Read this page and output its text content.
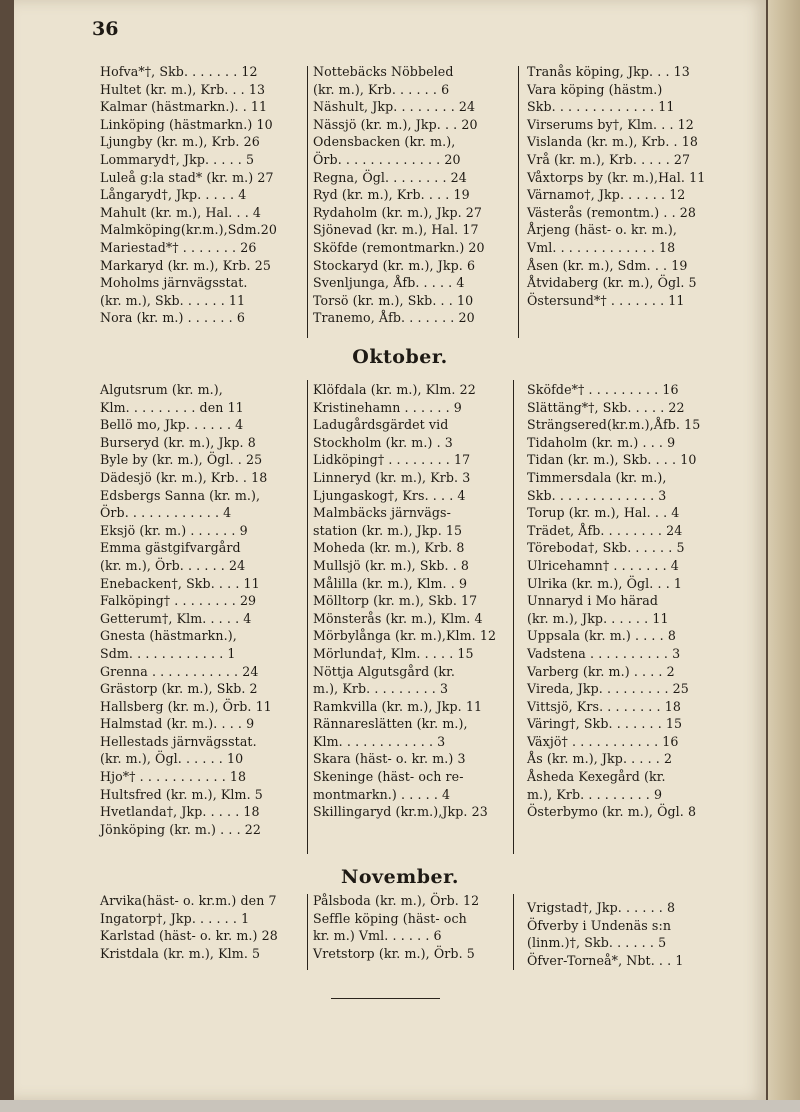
36
Hofva*†, Skb. . . . . . . 12
Hultet (kr. m.), Krb. . . 13
Kalmar (hästmarkn.). . 11
Linköping (hästmarkn.) 10
Ljungby (kr. m.), Krb. 26
Lommaryd†, Jkp. . . . . 5
Luleå g:la stad* (kr. m.) 27
Långaryd†, Jkp. . . . . 4
Mahult (kr. m.), Hal. . . 4
Malmköping(kr.m.),Sdm.20
Mariestad*† . . . . . . . 26
Markaryd (kr. m.), Krb. 25
Moholms järnvägsstat.
(kr. m.), Skb. . . . . . 11
Nora (kr. m.) . . . . . . 6
Nottebäcks Nöbbeled
(kr. m.), Krb. . . . . . 6
Näshult, Jkp. . . . . . . . 24
Nässjö (kr. m.), Jkp. . . 20
Odensbacken (kr. m.),
Örb. . . . . . . . . . . . . 20
Regna, Ögl. . . . . . . . 24
Ryd (kr. m.), Krb. . . . 19
Rydaholm (kr. m.), Jkp. 27
Sjönevad (kr. m.), Hal. 17
Sköfde (remontmarkn.) 20
Stockaryd (kr. m.), Jkp. 6
Svenljunga, Åfb. . . . . 4
Torsö (kr. m.), Skb. . . 10
Tranemo, Åfb. . . . . . . 20
Tranås köping, Jkp. . . 13
Vara köping (hästm.)
Skb. . . . . . . . . . . . . 11
Virserums by†, Klm. . . 12
Vislanda (kr. m.), Krb. . 18
Vrå (kr. m.), Krb. . . . . 27
Våxtorps by (kr. m.),Hal. 11
Värnamo†, Jkp. . . . . . 12
Västerås (remontm.) . . 28
Årjeng (häst- o. kr. m.),
Vml. . . . . . . . . . . . . 18
Åsen (kr. m.), Sdm. . . 19
Åtvidaberg (kr. m.), Ögl. 5
Östersund*† . . . . . . . 11
Oktober.
Algutsrum (kr. m.),
Klm. . . . . . . . . den 11
Bellö mo, Jkp. . . . . . 4
Burseryd (kr. m.), Jkp. 8
Byle by (kr. m.), Ögl. . 25
Dädesjö (kr. m.), Krb. . 18
Edsbergs Sanna (kr. m.),
Örb. . . . . . . . . . . . 4
Eksjö (kr. m.) . . . . . . 9
Emma gästgifvargård
(kr. m.), Örb. . . . . . 24
Enebacken†, Skb. . . . 11
Falköping† . . . . . . . . 29
Getterum†, Klm. . . . . 4
Gnesta (hästmarkn.),
Sdm. . . . . . . . . . . . 1
Grenna . . . . . . . . . . . 24
Grästorp (kr. m.), Skb. 2
Hallsberg (kr. m.), Örb. 11
Halmstad (kr. m.). . . . 9
Hellestads järnvägsstat.
(kr. m.), Ögl. . . . . . 10
Hjo*† . . . . . . . . . . . 18
Hultsfred (kr. m.), Klm. 5
Hvetlanda†, Jkp. . . . . 18
Jönköping (kr. m.) . . . 22
Klöfdala (kr. m.), Klm. 22
Kristinehamn . . . . . . 9
Ladugårdsgärdet vid
Stockholm (kr. m.) . 3
Lidköping† . . . . . . . . 17
Linneryd (kr. m.), Krb. 3
Ljungaskog†, Krs. . . . 4
Malmbäcks järnvägs-
station (kr. m.), Jkp. 15
Moheda (kr. m.), Krb. 8
Mullsjö (kr. m.), Skb. . 8
Målilla (kr. m.), Klm. . 9
Mölltorp (kr. m.), Skb. 17
Mönsterås (kr. m.), Klm. 4
Mörbylånga (kr. m.),Klm. 12
Mörlunda†, Klm. . . . . 15
Nöttja Algutsgård (kr.
m.), Krb. . . . . . . . . 3
Ramkvilla (kr. m.), Jkp. 11
Rännareslätten (kr. m.),
Klm. . . . . . . . . . . . 3
Skara (häst- o. kr. m.) 3
Skeninge (häst- och re-
montmarkn.) . . . . . 4
Skillingaryd (kr.m.),Jkp. 23
Sköfde*† . . . . . . . . . 16
Slättäng*†, Skb. . . . . 22
Strängsered(kr.m.),Åfb. 15
Tidaholm (kr. m.) . . . 9
Tidan (kr. m.), Skb. . . . 10
Timmersdala (kr. m.),
Skb. . . . . . . . . . . . . 3
Torup (kr. m.), Hal. . . 4
Trädet, Åfb. . . . . . . . 24
Töreboda†, Skb. . . . . . 5
Ulricehamn† . . . . . . . 4
Ulrika (kr. m.), Ögl. . . 1
Unnaryd i Mo härad
(kr. m.), Jkp. . . . . . 11
Uppsala (kr. m.) . . . . 8
Vadstena . . . . . . . . . . 3
Varberg (kr. m.) . . . . 2
Vireda, Jkp. . . . . . . . . 25
Vittsjö, Krs. . . . . . . . 18
Väring†, Skb. . . . . . . 15
Växjö† . . . . . . . . . . . 16
Ås (kr. m.), Jkp. . . . . 2
Åsheda Kexegård (kr.
m.), Krb. . . . . . . . . 9
Österbymo (kr. m.), Ögl. 8
November.
Arvika(häst- o. kr.m.) den 7
Ingatorp†, Jkp. . . . . . 1
Karlstad (häst- o. kr. m.) 28
Kristdala (kr. m.), Klm. 5
Pålsboda (kr. m.), Örb. 12
Seffle köping (häst- och
kr. m.) Vml. . . . . . 6
Vretstorp (kr. m.), Örb. 5
Vrigstad†, Jkp. . . . . . 8
Öfverby i Undenäs s:n
(linm.)†, Skb. . . . . . 5
Öfver-Torneå*, Nbt. . . 1
